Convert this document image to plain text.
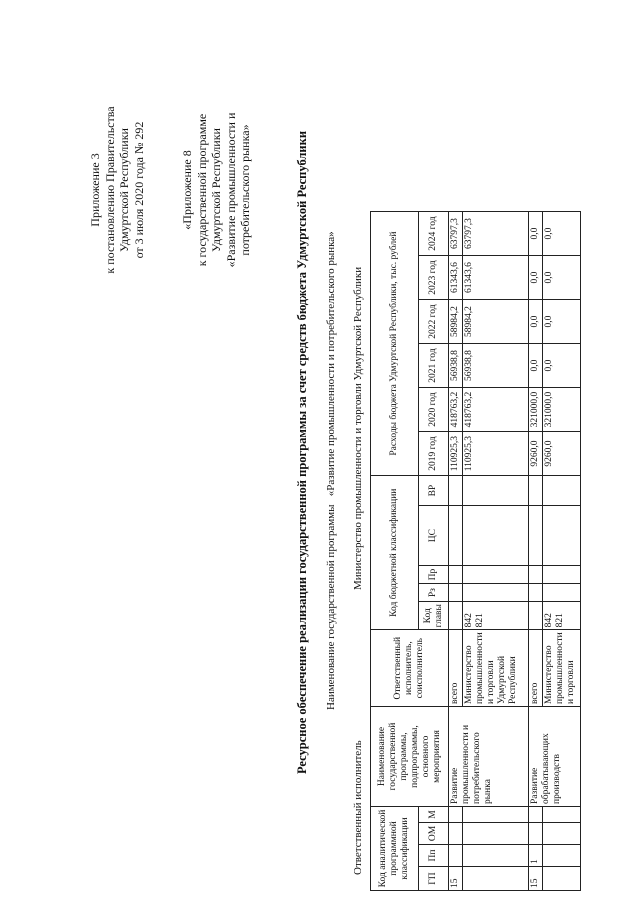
Приложение 3 к постановлению Правительства Удмуртской Республики от 3 июля 2020 года № 292	«Приложение 8 к государственной программе Удмуртской Республики «Развитие промышленности и потребительского рынка»	Ресурсное обеспечение реализации государственной программы за счет средств бюджета Удмуртской Республики Наименование государственной программы   «Развитие промышленности и потребительского рынка»
Ответственный исполнитель
Министерство промышленности и торговли Удмуртской Республики
Код аналитической программной классификации				Наименование государственной программы, подпрограммы, основного мероприятия	Ответственный исполнитель, соисполнитель	Код бюджетной классификации					Расходы бюджета Удмуртской Республики, тыс. рублей					
ГП	Пп	ОМ	М			Код главы	Рз	Пр	ЦС	ВР	2019 год	2020 год	2021 год	2022 год	2023 год	2024 год
15				Развитие промышленности и потребительского рынка	всего						110925,3	418763,2	56938,8	58984,2	61343,6	63797,3
					Министерство промышленности и торговли Удмуртской Республики	842 821					110925,3	418763,2	56938,8	58984,2	61343,6	63797,3
15	1			Развитие обрабатывающих производств	всего						9260,0	321000,0	0,0	0,0	0,0	0,0
					Министерство промышленности и торговли	842 821					9260,0	321000,0	0,0	0,0	0,0	0,0
